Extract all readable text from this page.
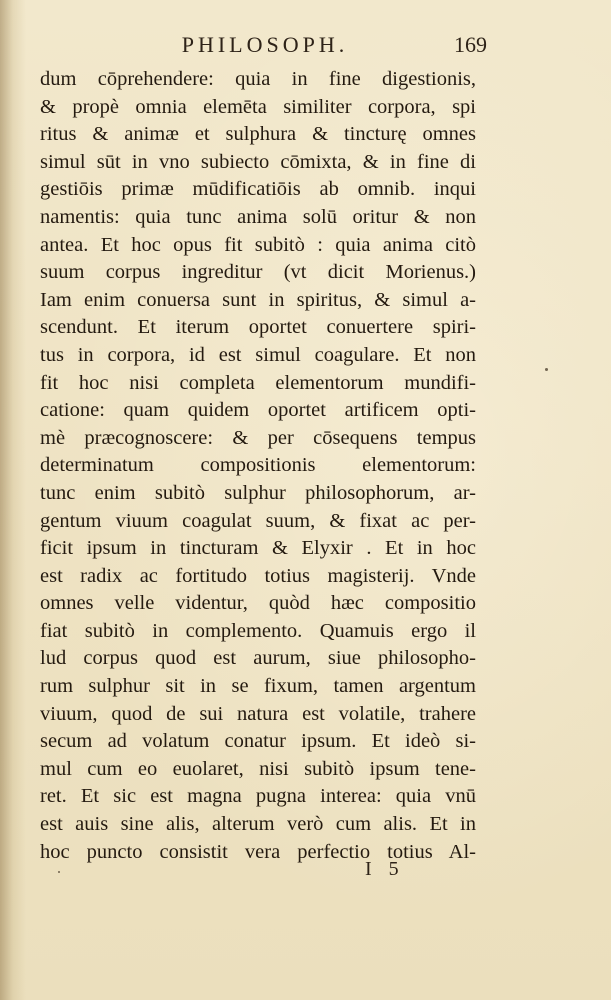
PHILOSOPH.	169
dum cōprehendere: quia in fine digestionis,
& propè omnia elemēta similiter corpora, spi
ritus & animæ et sulphura & tincturę omnes
simul sūt in vno subiecto cōmixta, & in fine di
gestiōis primæ mūdificatiōis ab omnib. inqui
namentis: quia tunc anima solū oritur & non
antea. Et hoc opus fit subitò : quia anima citò
suum corpus ingreditur (vt dicit Morienus.)
Iam enim conuersa sunt in spiritus, & simul a-
scendunt. Et iterum oportet conuertere spiri-
tus in corpora, id est simul coagulare. Et non
fit hoc nisi completa elementorum mundifi-
catione: quam quidem oportet artificem opti-
mè præcognoscere: & per cōsequens tempus
determinatum compositionis elementorum:
tunc enim subitò sulphur philosophorum, ar-
gentum viuum coagulat suum, & fixat ac per-
ficit ipsum in tincturam & Elyxir . Et in hoc
est radix ac fortitudo totius magisterij. Vnde
omnes velle videntur, quòd hæc compositio
fiat subitò in complemento. Quamuis ergo il
lud corpus quod est aurum, siue philosopho-
rum sulphur sit in se fixum, tamen argentum
viuum, quod de sui natura est volatile, trahere
secum ad volatum conatur ipsum. Et ideò si-
mul cum eo euolaret, nisi subitò ipsum tene-
ret. Et sic est magna pugna interea: quia vnū
est auis sine alis, alterum verò cum alis. Et in
hoc puncto consistit vera perfectio totius Al-
I 5
